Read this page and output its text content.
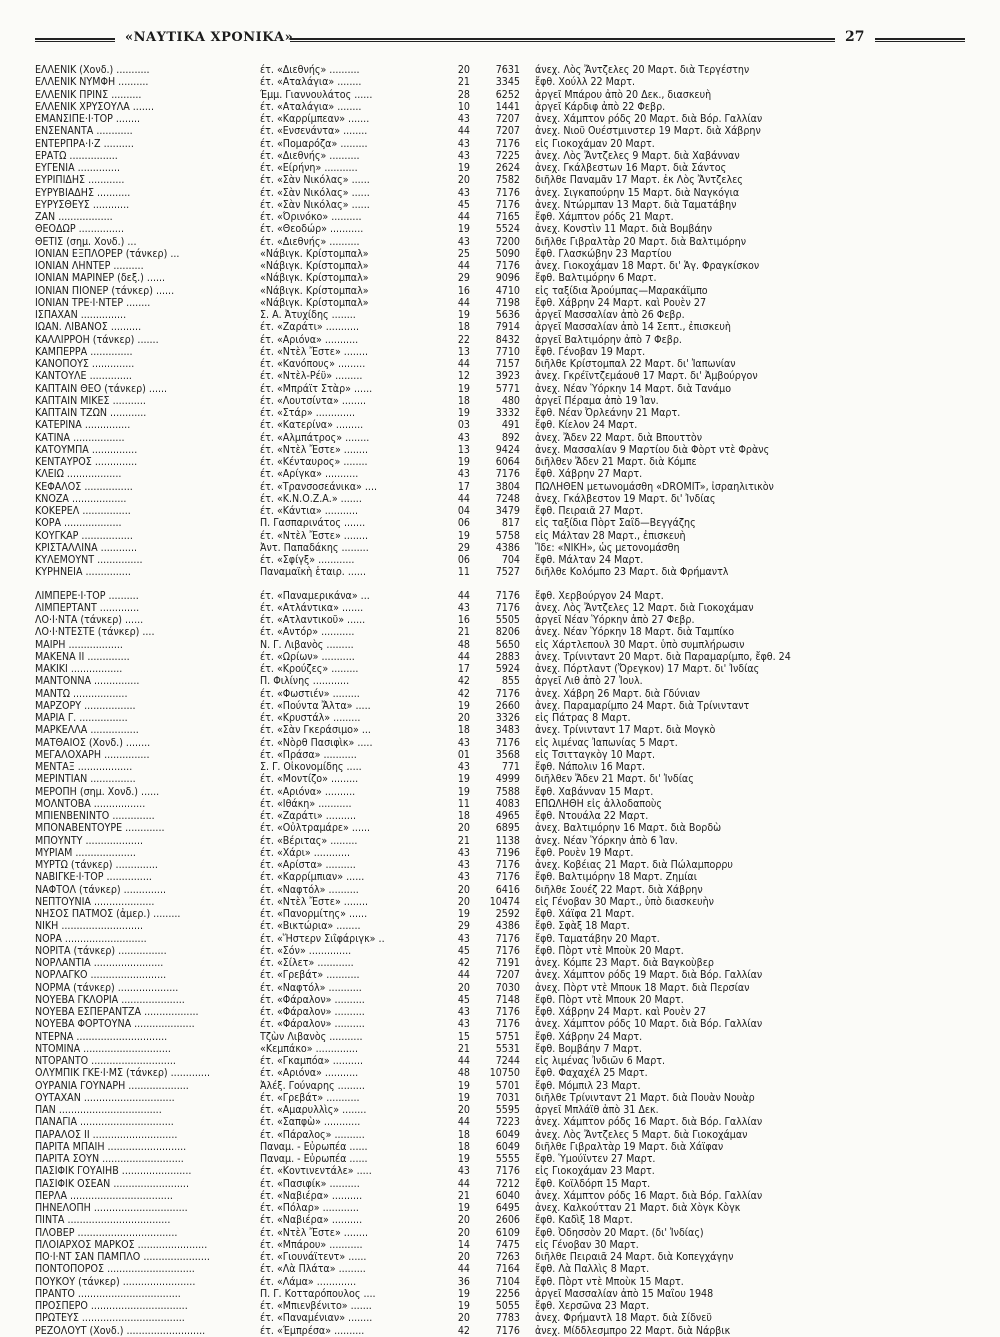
«ΝΑΥΤΙΚΑ ΧΡΟΝΙΚΑ»	27
ΕΛΛΕΝΙΚ (Χονδ.) ...........	έτ. «Διεθνής» ..........	20	7631 άνεχ. Λὸς Ἄντζελες 20 Μαρτ. διὰ Τεργέστην
ΕΛΛΕΝΙΚ ΝΥΜΦΗ ..........	έτ. «Αταλάγια» ........	21	3345 ἔφθ. Χούλλ 22 Μαρτ.
ΕΛΛΕΝΙΚ ΠΡΙΝΣ ..........	Έμμ. Γιαννουλάτος ......	28	6252 ἀργεῖ Μπάρου ἀπὸ 20 Δεκ., διασκευὴ
ΕΛΛΕΝΙΚ ΧΡΥΣΟΥΛΑ .......	έτ. «Αταλάγια» ........	10	1441 ἀργεῖ Κάρδιφ ἀπὸ 22 Φεβρ.
ΕΜΑΝΣΙΠΕ·Ι·ΤΟΡ ........	έτ. «Καρρίμπεαν» .......	43	7207 ἀνεχ. Χάμπτον ρόδς 20 Μαρτ. διὰ Βόρ. Γαλλίαν
ΕΝΣΕΝΑΝΤΑ ............	έτ. «Ενσενάντα» ........	44	7207 ἀνεχ. Νιοῦ Ουέστμινστερ 19 Μαρτ. διὰ Χάβρην
ΕΝΤΕΡΠΡΑ·Ι·Ζ ..........	έτ. «Πομαρόζα» .........	43	7176 εἰς Γιοκοχάμαν 20 Μαρτ.
ΕΡΑΤΩ ................	έτ. «Διεθνής» ..........	43	7225 ἀνεχ. Λὸς Ἄντζελες 9 Μαρτ. διὰ Χαβάνναν
ΕΥΓΕΝΙΑ ..............	έτ. «Είρήνη» ...........	19	2624 ἀνεχ. Γκάλβεστων 16 Μαρτ. διὰ Σάντος
ΕΥΡΙΠΙΔΗΣ ............	έτ. «Σὰν Νικόλας» ......	20	7582 διῆλθε Παναμᾶν 17 Μαρτ. ἐκ Λὸς Ἄντζελες
ΕΥΡΥΒΙΑΔΗΣ ...........	έτ. «Σὰν Νικόλας» ......	43	7176 ἀνεχ. Σιγκαπούρην 15 Μαρτ. διὰ Ναγκόγια
ΕΥΡΥΣΘΕΥΣ ............	έτ. «Σὰν Νικόλας» ......	45	7176 ἀνεχ. Ντώρμπαν 13 Μαρτ. διὰ Ταματάβην
ΖΑΝ ..................	έτ. «Όρινόκο» ..........	44	7165 ἔφθ. Χάμπτον ρόδς 21 Μαρτ.
ΘΕΟΔΩΡ ...............	έτ. «Θεοδώρ» ...........	19	5524 ἀνεχ. Κονστὶν 11 Μαρτ. διὰ Βομβάην
ΘΕΤΙΣ (σημ. Χονδ.) ...	έτ. «Διεθνής» ..........	43	7200 διῆλθε Γιβραλτὰρ 20 Μαρτ. διὰ Βαλτιμόρην
ΙΟΝΙΑΝ ΕΞΠΛΟΡΕΡ (τάνκερ) ...	«Νάβιγκ. Κρίστομπαλ»	25	5090 ἔφθ. Γλασκώβην 23 Μαρτίου
ΙΟΝΙΑΝ ΛΗΝΤΕΡ ..........	«Νάβιγκ. Κρίστομπαλ»	44	7176 ἀνεχ. Γιοκοχάμαν 18 Μαρτ. δι' Ἁγ. Φραγκίσκον
ΙΟΝΙΑΝ ΜΑΡΙΝΕΡ (δεξ.) ......	«Νάβιγκ. Κρίστομπαλ»	29	9096 ἔφθ. Βαλτιμόρην 6 Μαρτ.
ΙΟΝΙΑΝ ΠΙΟΝΕΡ (τάνκερ) ......	«Νάβιγκ. Κρίστομπαλ»	16	4710 εἰς ταξίδια Ἀρούμπας—Μαρακάϊμπο
ΙΟΝΙΑΝ ΤΡΕ·Ι·ΝΤΕΡ ........	«Νάβιγκ. Κρίστομπαλ»	44	7198 ἔφθ. Χάβρην 24 Μαρτ. καὶ Ρουὲν 27
ΙΣΠΑΧΑΝ ...............	Σ. Α. Ἀτυχίδης ........	19	5636 ἀργεῖ Μασσαλίαν ἀπὸ 26 Φεβρ.
ΙΩΑΝ. ΛΙΒΑΝΟΣ ..........	έτ. «Ζαράτι» ...........	18	7914 ἀργεῖ Μασσαλίαν ἀπὸ 14 Σεπτ., ἐπισκευὴ
ΚΑΛΛΙΡΡΟΗ (τάνκερ) .......	έτ. «Αριόνα» ...........	22	8432 ἀργεῖ Βαλτιμόρην ἀπὸ 7 Φεβρ.
ΚΑΜΠΕΡΡΑ ..............	έτ. «Ντὲλ Ἔστε» ........	13	7710 ἔφθ. Γένοβαν 19 Μαρτ.
ΚΑΝΟΠΟΥΣ ..............	έτ. «Κανόπους» .........	44	7157 διῆλθε Κρίστομπαλ 22 Μαρτ. δι' Ἰαπωνίαν
ΚΑΝΤΟΥΛΕ ..............	έτ. «Ντὲλ-Ρέϋ» .........	12	3923 ἀνεχ. Γκρέϊντζεμάουθ 17 Μαρτ. δι' Ἀμβούργον
ΚΑΠΤΑΙΝ ΘΕΟ (τάνκερ) ......	έτ. «Μπράϊτ Στὰρ» ......	19	5771 ἀνεχ. Νέαν Ὑόρκην 14 Μαρτ. διὰ Τανάμο
ΚΑΠΤΑΙΝ ΜΙΚΕΣ ...........	έτ. «Λουτσίντα» ........	18	480 ἀργεῖ Πέραμα ἀπὸ 19 Ἰαν.
ΚΑΠΤΑΙΝ ΤΖΩΝ ............	έτ. «Στάρ» .............	19	3332 ἔφθ. Νέαν Ὀρλεάνην 21 Μαρτ.
ΚΑΤΕΡΙΝΑ ...............	έτ. «Κατερίνα» .........	03	491 ἔφθ. Κίελον 24 Μαρτ.
ΚΑΤΙΝΑ .................	έτ. «Αλμπάτρος» ........	43	892 ἀνεχ. Ἄδεν 22 Μαρτ. διὰ Βπουττὸν
ΚΑΤΟΥΜΠΑ ...............	έτ. «Ντὲλ Ἔστε» ........	13	9424 ἀνεχ. Μασσαλίαν 9 Μαρτίου διὰ Φὸρτ ντὲ Φρὰνς
ΚΕΝΤΑΥΡΟΣ ..............	έτ. «Κένταυρος» ........	19	6064 διῆλθεν Ἄδεν 21 Μαρτ. διὰ Κόμπε
ΚΛΕΙΩ ..................	έτ. «Αρίγκα» ...........	43	7176 ἔφθ. Χάβρην 27 Μαρτ.
ΚΕΦΑΛΟΣ ................	έτ. «Τρανσοσεάνικα» ....	17	3804 ΠΩΛΗΘΕΝ μετωνομάσθη «DROMIT», ἰσραηλιτικὸν
ΚΝΟΖΑ ..................	έτ. «Κ.Ν.Ο.Ζ.Α.» .......	44	7248 ἀνεχ. Γκάλβεστον 19 Μαρτ. δι' Ἰνδίας
ΚΟΚΕΡΕΛ ................	έτ. «Κάντια» ...........	04	3479 ἔφθ. Πειραιᾶ 27 Μαρτ.
ΚΟΡΑ ...................	Π. Γασπαρινάτος .......	06	817 εἰς ταξίδια Πὸρτ Σαῒδ—Βεγγάζης
ΚΟΥΓΚΑΡ .................	έτ. «Ντὲλ Ἔστε» ........	19	5758 εἰς Μάλταν 28 Μαρτ., ἐπισκευὴ
ΚΡΙΣΤΑΛΛΙΝΑ ............	Ἀντ. Παπαδάκης .........	29	4386 Ἴδε: «ΝΙΚΗ», ὡς μετονομάσθη
ΚΥΛΕΜΟΥΝΤ ...............	έτ. «Σφίγξ» ............	06	704 ἔφθ. Μάλταν 24 Μαρτ.
ΚΥΡΗΝΕΙΑ ...............	Παναμαϊκὴ ἑταιρ. ......	11	7527 διῆλθε Κολόμπο 23 Μαρτ. διὰ Φρήμαντλ
ΛΙΜΠΕΡΕ·Ι·ΤΟΡ ..........	έτ. «Παναμερικάνα» ...	44	7176 ἔφθ. Χερβούργον 24 Μαρτ.
ΛΙΜΠΕΡΤΑΝΤ .............	έτ. «Ατλάντικα» .......	43	7176 ἀνεχ. Λὸς Ἄντζελες 12 Μαρτ. διὰ Γιοκοχάμαν
ΛΟ·Ι·ΝΤΑ (τάνκερ) ......	έτ. «Ατλαντικοῦ» ......	16	5505 ἀργεῖ Νέαν Ὑόρκην ἀπὸ 27 Φεβρ.
ΛΟ·Ι·ΝΤΕΣΤΕ (τάνκερ) ....	έτ. «Αντόρ» ...........	21	8206 ἀνεχ. Νέαν Ὑόρκην 18 Μαρτ. διὰ Ταμπίκο
ΜΑΙΡΗ ..................	Ν. Γ. Λιβανὸς .........	48	5650 εἰς Χάρτλεπουλ 30 Μαρτ. ὑπὸ συμπλήρωσιν
ΜΑΚΕΝΑ ΙΙ ..............	έτ. «Ωρίων» ...........	44	2883 ἀνεχ. Τρίνινταντ 20 Μαρτ. διὰ Παραμαρίμπο, ἔφθ. 24
ΜΑΚΙΚΙ .................	έτ. «Κρούζες» .........	17	5924 ἀνεχ. Πόρτλαντ (Ὄρεγκον) 17 Μαρτ. δι' Ἰνδίας
ΜΑΝΤΟΝΝΑ ...............	Π. Φιλίνης ............	42	855 ἀργεῖ Λιθ ἀπὸ 27 Ἰουλ.
ΜΑΝΤΩ ..................	έτ. «Φωστιέν» .........	42	7176 ἀνεχ. Χάβρη 26 Μαρτ. διὰ Γδύνιαν
ΜΑΡΖΟΡΥ .................	έτ. «Πούντα Ἄλτα» .....	19	2660 ἀνεχ. Παραμαρίμπο 24 Μαρτ. διὰ Τρίνινταντ
ΜΑΡΙΑ Γ. ................	έτ. «Κρυστάλ» .........	20	3326 εἰς Πάτρας 8 Μαρτ.
ΜΑΡΚΕΛΛΑ ................	έτ. «Σὰν Γκεράσιμο» ...	18	3483 ἀνεχ. Τρίνινταντ 17 Μαρτ. διὰ Μογκὸ
ΜΑΤΘΑΙΟΣ (Χονδ.) ........	έτ. «Νὸρθ Πασιφὶκ» .....	43	7176 εἰς λιμένας Ἰαπωνίας 5 Μαρτ.
ΜΕΓΑΛΟΧΑΡΗ ...............	έτ. «Πράσα» ...........	01	3568 εἰς Τσιτταγκὸγ 10 Μαρτ.
ΜΕΝΤΑΞ ..................	Σ. Γ. Οἰκονομίδης .....	43	771 ἔφθ. Νάπολιν 16 Μαρτ.
ΜΕΡΙΝΤΙΑΝ ...............	έτ. «Μοντίζο» .........	19	4999 διῆλθεν Ἄδεν 21 Μαρτ. δι' Ἰνδίας
ΜΕΡΟΠΗ (σημ. Χονδ.) ......	έτ. «Αριόνα» ..........	19	7588 ἔφθ. Χαβάνναν 15 Μαρτ.
ΜΟΛΝΤΟΒΑ .................	έτ. «Ιθάκη» ...........	11	4083 ΕΠΩΛΗΘΗ εἰς ἀλλοδαποὺς
ΜΠΙΕΝΒΕΝΙΝΤΟ ..............	έτ. «Ζαράτι» ..........	18	4965 ἔφθ. Ντουάλα 22 Μαρτ.
ΜΠΟΝΑΒΕΝΤΟΥΡΕ .............	έτ. «Οὐλτραμάρε» ......	20	6895 ἀνεχ. Βαλτιμόρην 16 Μαρτ. διὰ Βορδὼ
ΜΠΟΥΝΤΥ ...................	έτ. «Βέριτας» .........	21	1138 ἀνεχ. Νέαν Ὑόρκην ἀπὸ 6 Ἰαν.
ΜΥΡΙΑΜ ....................	έτ. «Χάρι» ............	43	7196 ἔφθ. Ρουὲν 19 Μαρτ.
ΜΥΡΤΩ (τάνκερ) ..............	έτ. «Αρίστα» ..........	43	7176 ἀνεχ. Κοβέιας 21 Μαρτ. διὰ Πώλαμπορρυ
ΝΑΒΙΓΚΕ·Ι·ΤΟΡ ...............	έτ. «Καρρίμπιαν» ......	43	7176 ἔφθ. Βαλτιμόρην 18 Μαρτ. Ζημίαι
ΝΑΦΤΟΛ (τάνκερ) ..............	έτ. «Ναφτόλ» ..........	20	6416 διῆλθε Σουέζ 22 Μαρτ. διὰ Χάβρην
ΝΕΠΤΟΥΝΙΑ ....................	έτ. «Ντὲλ Ἔστε» ........	20	10474 εἰς Γένοβαν 30 Μαρτ., ὑπὸ διασκευὴν
ΝΗΣΟΣ ΠΑΤΜΟΣ (ἀμερ.) .........	έτ. «Πανορμίτης» ......	19	2592 ἔφθ. Χάϊφα 21 Μαρτ.
ΝΙΚΗ ...........................	έτ. «Βικτώρια» ........	29	4386 ἔφθ. Σφὰξ 18 Μαρτ.
ΝΟΡΑ ...........................	έτ. «Ἥστερν Σιΐφάριγκ» ..	43	7176 ἔφθ. Ταματάβην 20 Μαρτ.
ΝΟΡΙΤΑ (τάνκερ) ................	έτ. «Σόν» ..............	45	7176 ἔφθ. Πὸρτ ντὲ Μποὺκ 20 Μαρτ.
ΝΟΡΛΑΝΤΙΑ .......................	έτ. «Σίλετ» ............	42	7191 ἀνεχ. Κόμπε 23 Μαρτ. διὰ Βαγκοὺβερ
ΝΟΡΛΑΓΚΟ .........................	έτ. «Γρεβάτ» ...........	44	7207 ἀνεχ. Χάμπτον ρόδς 19 Μαρτ. διὰ Βόρ. Γαλλίαν
ΝΟΡΜΑ (τάνκερ) ....................	έτ. «Ναφτόλ» ...........	20	7030 ἀνεχ. Πὸρτ ντὲ Μπουκ 18 Μαρτ. διὰ Περσίαν
ΝΟΥΕΒΑ ΓΚΛΟΡΙΑ .....................	έτ. «Φάραλον» ..........	45	7148 ἔφθ. Πὸρτ ντὲ Μπουκ 20 Μαρτ.
ΝΟΥΕΒΑ ΕΣΠΕΡΑΝΤΖΑ ..................	έτ. «Φάραλον» ..........	43	7176 ἔφθ. Χάβρην 24 Μαρτ. καὶ Ρουὲν 27
ΝΟΥΕΒΑ ΦΟΡΤΟΥΝΑ ....................	έτ. «Φάραλον» ..........	43	7176 ἀνεχ. Χάμπτον ρόδς 10 Μαρτ. διὰ Βόρ. Γαλλίαν
ΝΤΕΡΝΑ ..............................	Τζὼν Λιβανὸς ...........	15	5751 ἔφθ. Χάβρην 24 Μαρτ.
ΝΤΟΜΙΝΑ .............................	«Κεμπάκο» ..............	21	5531 ἔφθ. Βομβάην 7 Μαρτ.
ΝΤΟΡΑΝΤΟ ............................	έτ. «Γκαμπόα» ..........	44	7244 εἰς λιμένας Ἰνδιῶν 6 Μαρτ.
ΟΛΥΜΠΙΚ ΓΚΕ·Ι·ΜΣ (τάνκερ) .............	έτ. «Αριόνα» ...........	48	10750 ἔφθ. Φαχαχέλ 25 Μαρτ.
ΟΥΡΑΝΙΑ ΓΟΥΝΑΡΗ ....................	Ἀλέξ. Γούναρης .........	19	5701 ἔφθ. Μόμπιλ 23 Μαρτ.
ΟΥΤΑΧΑΝ ..............................	έτ. «Γρεβάτ» ...........	19	7031 διῆλθε Τρίνινταντ 21 Μαρτ. διὰ Πουὰν Νουὰρ
ΠΑΝ ..................................	έτ. «Αμαρυλλὶς» ........	20	5595 ἀργεῖ Μπλάϊθ ἀπὸ 31 Δεκ.
ΠΑΝΑΓΙΑ ...............................	έτ. «Σαπφὼ» ............	44	7223 ἀνεχ. Χάμπτον ρόδς 16 Μαρτ. διὰ Βόρ. Γαλλίαν
ΠΑΡΑΛΟΣ ΙΙ ............................	έτ. «Πάραλος» ..........	18	6049 ἀνεχ. Λὸς Ἄντζελες 5 Μαρτ. διὰ Γιοκοχάμαν
ΠΑΡΙΤΑ ΜΠΑΙΗ ..........................	Παναμ. - Εὐρωπέα ......	18	6049 διῆλθε Γιβραλτὰρ 19 Μαρτ. διὰ Χάϊφαν
ΠΑΡΙΤΑ ΣΟΥΝ ...........................	Παναμ. - Εὐρωπέα ......	19	5555 ἔφθ. Ὑμούϊντεν 27 Μαρτ.
ΠΑΣΙΦΙΚ ΓΟΥΑΙΗΒ .......................	έτ. «Κοντινεντάλε» .....	43	7176 εἰς Γιοκοχάμαν 23 Μαρτ.
ΠΑΣΙΦΙΚ ΟΣΕΑΝ .........................	έτ. «Πασιφίκ» ..........	44	7212 ἔφθ. Κοϊλδόρπ 15 Μαρτ.
ΠΕΡΛΑ ..................................	έτ. «Ναβιέρα» ..........	21	6040 ἀνεχ. Χάμπτον ρόδς 16 Μαρτ. διὰ Βόρ. Γαλλίαν
ΠΗΝΕΛΟΠΗ ...............................	έτ. «Πόλαρ» ............	19	6495 ἀνεχ. Καλκούτταν 21 Μαρτ. διὰ Χὸγκ Κὸγκ
ΠΙΝΤΑ ..................................	έτ. «Ναβιέρα» ..........	20	2606 ἔφθ. Καδὶξ 18 Μαρτ.
ΠΛΟΒΕΡ .................................	έτ. «Ντὲλ Ἔστε» ........	20	6109 ἔφθ. Ὀδησσὸν 20 Μαρτ. (δι' Ἰνδίας)
ΠΛΟΙΑΡΧΟΣ ΜΑΡΚΟΣ .......................	έτ. «Μπάρου» ...........	14	7475 εἰς Γένοβαν 30 Μαρτ.
ΠΟ·Ι·ΝΤ ΣΑΝ ΠΑΜΠΛΟ ......................	έτ. «Γιουνάϊτεντ» ......	20	7263 διῆλθε Πειραιᾶ 24 Μαρτ. διὰ Κοπεγχάγην
ΠΟΝΤΟΠΟΡΟΣ .............................	έτ. «Λὰ Πλάτα» .........	44	7164 ἔφθ. Λὰ Παλλὶς 8 Μαρτ.
ΠΟΥΚΟΥ (τάνκερ) ........................	έτ. «Λάμα» .............	36	7104 ἔφθ. Πὸρτ ντὲ Μποὺκ 15 Μαρτ.
ΠΡΑΝΤΟ ..................................	Π. Γ. Κοτταρόπουλος ....	19	2256 ἀργεῖ Μασσαλίαν ἀπὸ 15 Μαΐου 1948
ΠΡΟΣΠΕΡΟ ................................	έτ. «Μπιενβένιτο» .......	19	5055 ἔφθ. Χερσῶνα 23 Μαρτ.
ΠΡΩΤΕΥΣ ..................................	έτ. «Παναμένιαν» ........	20	7783 ἀνεχ. Φρήμαντλ 18 Μαρτ. διὰ Σίδνεϋ
ΡΕΖΟΛΟΥΤ (Χονδ.) ..........................	έτ. «Έμπρέσα» ..........	42	7176 ἀνεχ. Μίδδλεσμπρο 22 Μαρτ. διὰ Νάρβικ
